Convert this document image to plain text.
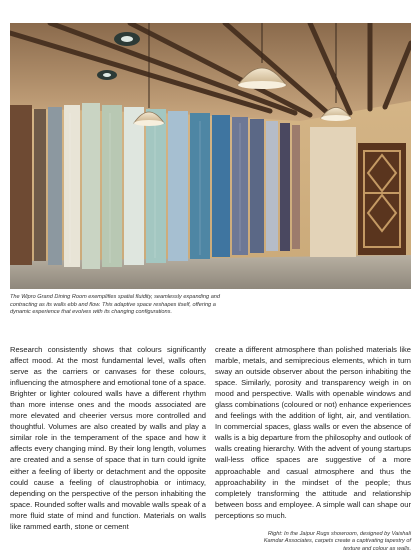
The Wipro Grand Dining Room exemplifies spatial fluidity, seamlessly expanding and contracting as its walls ebb and flow. This adaptive space reshapes itself, offering a dynamic experience that evolves with its changing configurations.

Research consistently shows that colours significantly affect mood. At the most fundamental level, walls often serve as the carriers or canvases for these colours, influencing the atmosphere and emotional tone of a space. Brighter or lighter coloured walls have a different rhythm than more intense ones and the moods associated are more elevated and cheerier versus more controlled and thoughtful. Volumes are also created by walls and play a similar role in the temperament of the space and how it affects every changing mind. By their long length, volumes are created and a sense of space that in turn could ignite either a feeling of liberty or detachment and the opposite could cause a feeling of claustrophobia or intimacy, depending on the perspective of the person inhabiting the space. Rounded softer walls and movable walls speak of a more fluid state of mind and function. Materials on walls like rammed earth, stone or cement

create a different atmosphere than polished materials like marble, metals, and semiprecious elements, which in turn sway an outside observer about the person inhabiting the space. Similarly, porosity and transparency weigh in on mood and perspective. Walls with openable windows and glass combinations (coloured or not) enhance experiences and feelings with the addition of light, air, and ventilation. In commercial spaces, glass walls or even the absence of walls is a big departure from the philosophy and outlook of walls creating hierarchy. With the advent of young startups wall-less office spaces are suggestive of a more approachable and casual atmosphere and thus the approachability in the mindset of the people; thus completely transforming the attitude and relationship between boss and employee. A simple wall can shape our perceptions so much.

Right: In the Jaipur Rugs showroom, designed by Vaishali Kamdar Associates, carpets create a captivating tapestry of texture and colour as walls.
